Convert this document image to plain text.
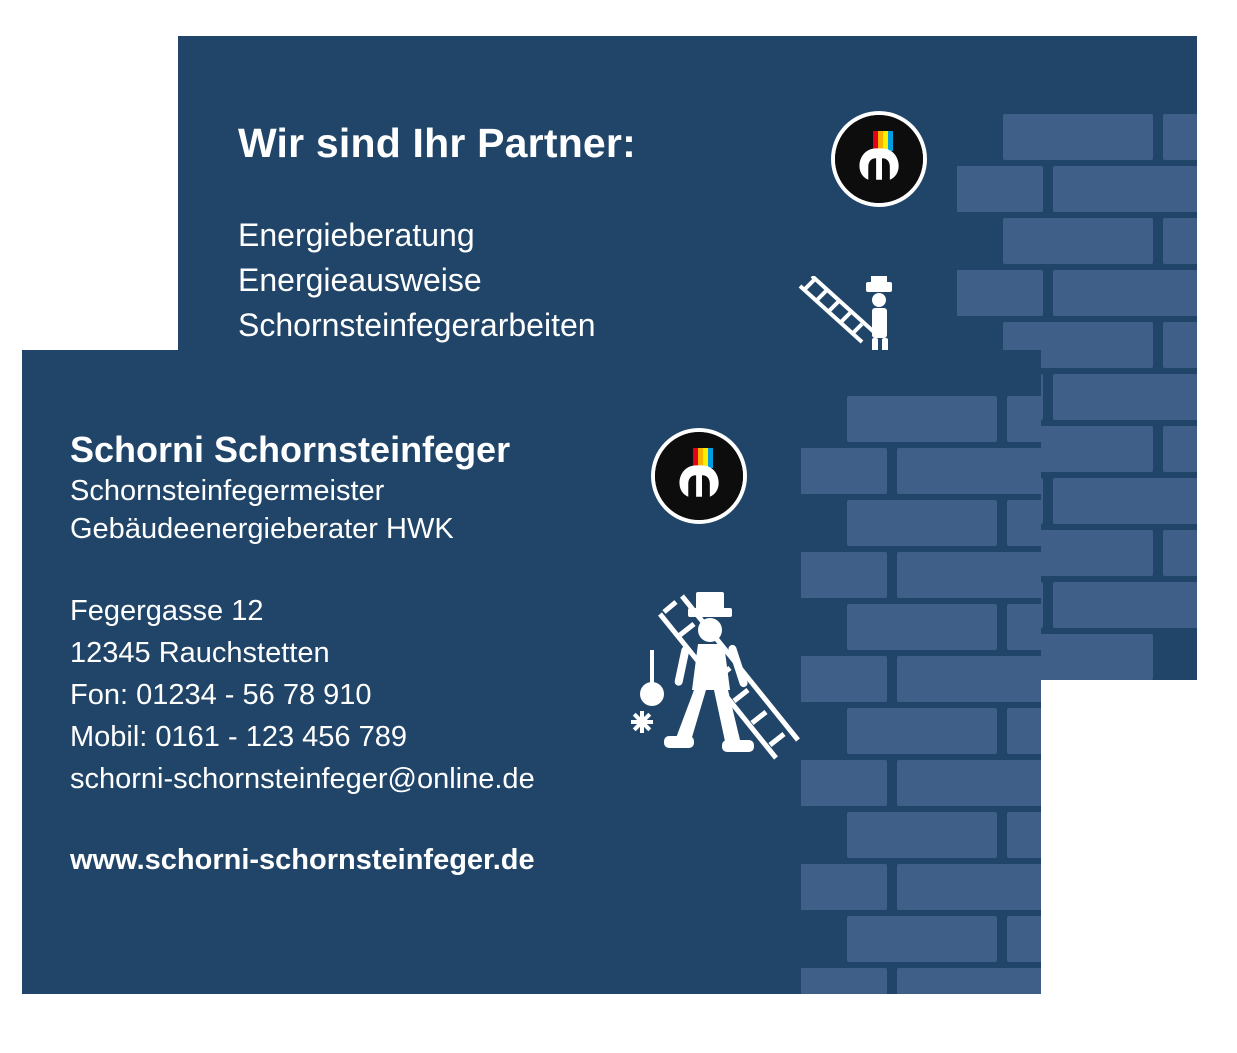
Wir sind Ihr Partner:
Energieberatung
Energieausweise
Schornsteinfegerarbeiten
Schorni Schornsteinfeger
Schornsteinfegermeister
Gebäudeenergieberater HWK
Fegergasse 12
12345 Rauchstetten
Fon: 01234 - 56 78 910
Mobil: 0161 - 123 456 789
schorni-schornsteinfeger@online.de
www.schorni-schornsteinfeger.de
